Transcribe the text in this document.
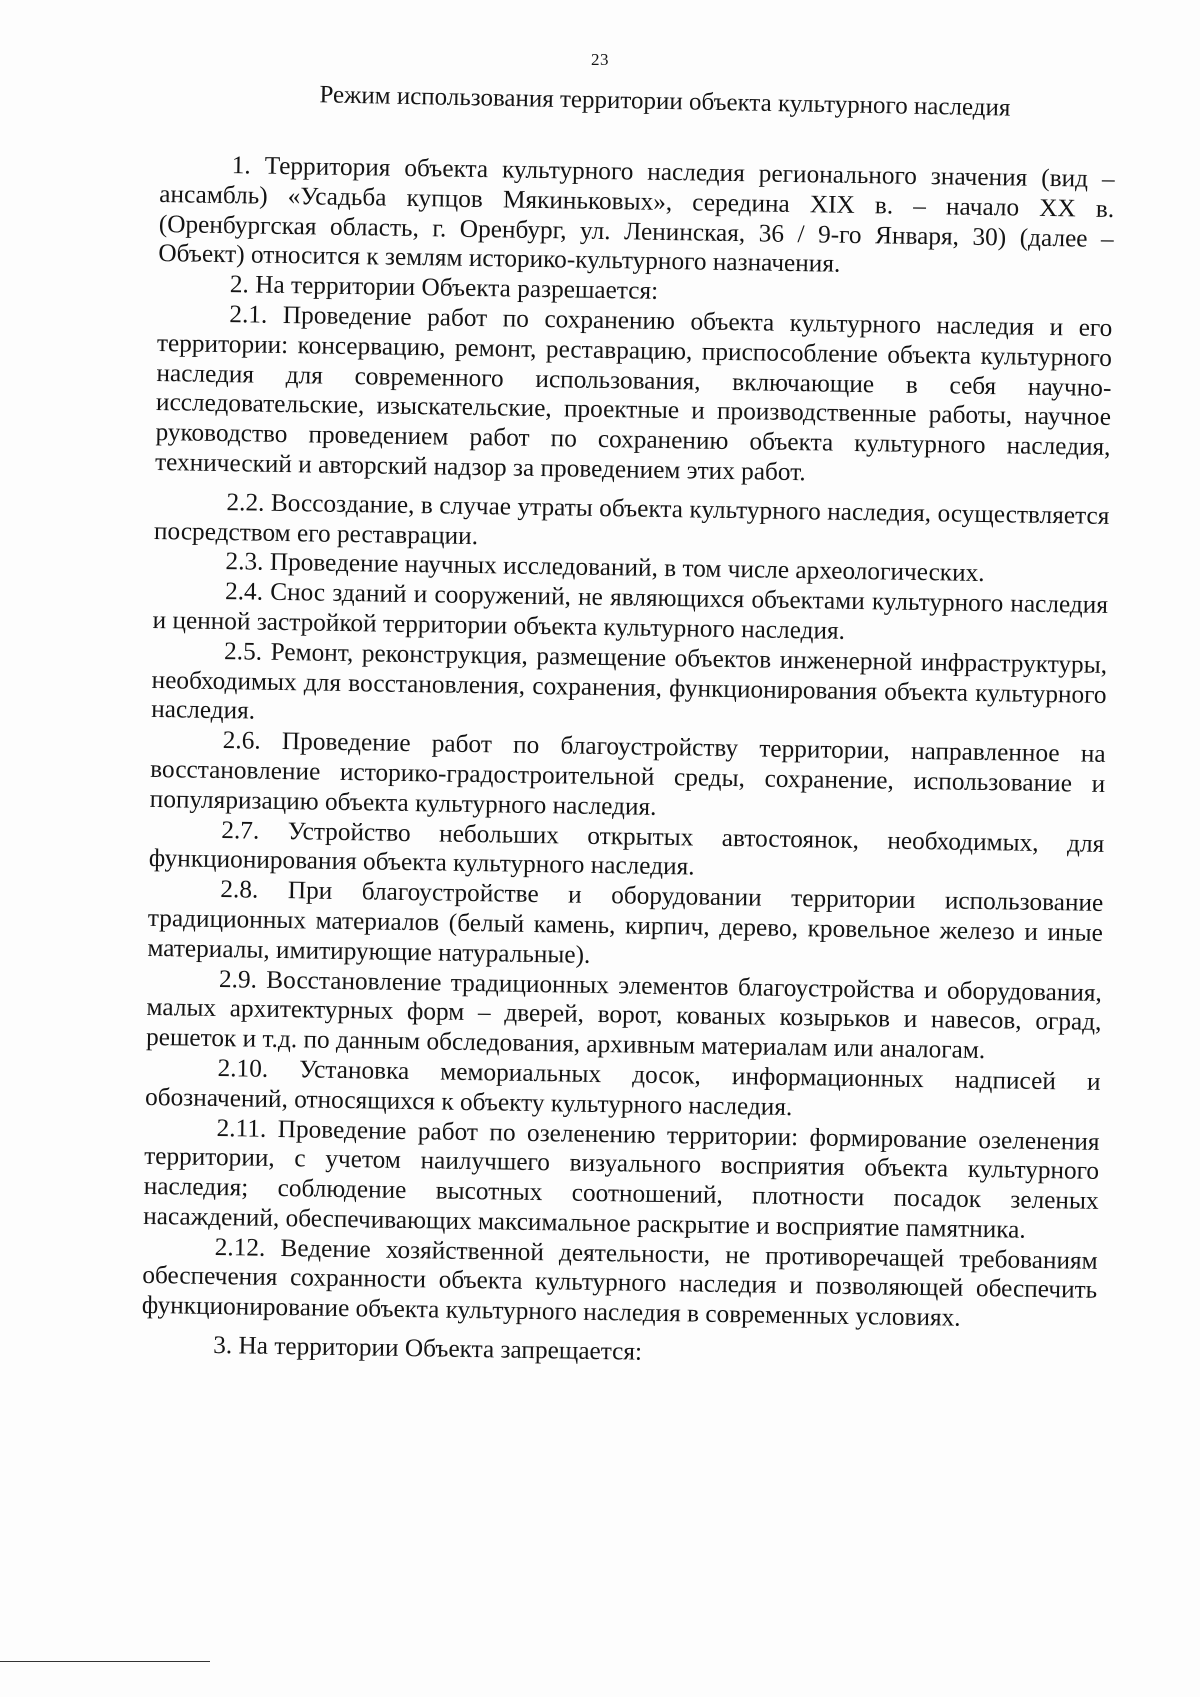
23
Режим использования территории объекта культурного наследия

1. Территория объекта культурного наследия регионального значения (вид – ансамбль) «Усадьба купцов Мякиньковых», середина XIX в. – начало XX в. (Оренбургская область, г. Оренбург, ул. Ленинская, 36 / 9-го Января, 30) (далее – Объект) относится к землям историко-культурного назначения.

2. На территории Объекта разрешается:

2.1. Проведение работ по сохранению объекта культурного наследия и его территории: консервацию, ремонт, реставрацию, приспособление объекта культурного наследия для современного использования, включающие в себя научно-исследовательские, изыскательские, проектные и производственные работы, научное руководство проведением работ по сохранению объекта культурного наследия, технический и авторский надзор за проведением этих работ.

2.2. Воссоздание, в случае утраты объекта культурного наследия, осуществляется посредством его реставрации.

2.3. Проведение научных исследований, в том числе археологических.

2.4. Снос зданий и сооружений, не являющихся объектами культурного наследия и ценной застройкой территории объекта культурного наследия.

2.5. Ремонт, реконструкция, размещение объектов инженерной инфраструктуры, необходимых для восстановления, сохранения, функционирования объекта культурного наследия.

2.6. Проведение работ по благоустройству территории, направленное на восстановление историко-градостроительной среды, сохранение, использование и популяризацию объекта культурного наследия.

2.7. Устройство небольших открытых автостоянок, необходимых, для функционирования объекта культурного наследия.

2.8. При благоустройстве и оборудовании территории использование традиционных материалов (белый камень, кирпич, дерево, кровельное железо и иные материалы, имитирующие натуральные).

2.9. Восстановление традиционных элементов благоустройства и оборудования, малых архитектурных форм – дверей, ворот, кованых козырьков и навесов, оград, решеток и т.д. по данным обследования, архивным материалам или аналогам.

2.10. Установка мемориальных досок, информационных надписей и обозначений, относящихся к объекту культурного наследия.

2.11. Проведение работ по озеленению территории: формирование озеленения территории, с учетом наилучшего визуального восприятия объекта культурного наследия; соблюдение высотных соотношений, плотности посадок зеленых насаждений, обеспечивающих максимальное раскрытие и восприятие памятника.

2.12. Ведение хозяйственной деятельности, не противоречащей требованиям обеспечения сохранности объекта культурного наследия и позволяющей обеспечить функционирование объекта культурного наследия в современных условиях.

3. На территории Объекта запрещается:
